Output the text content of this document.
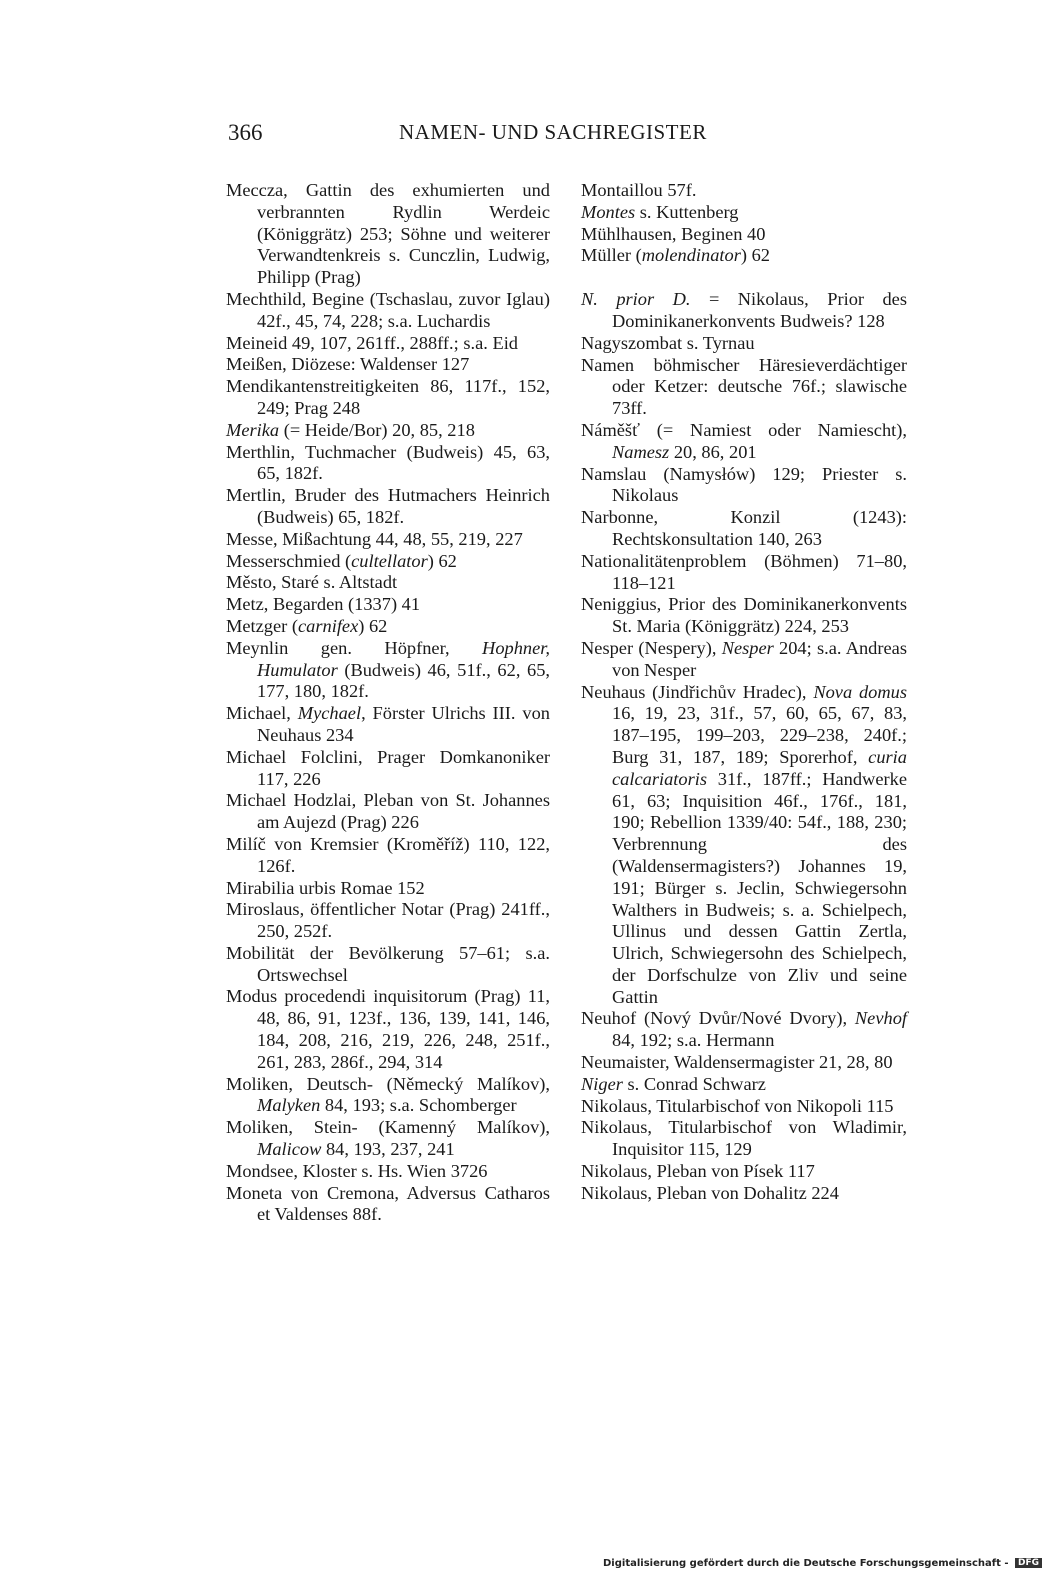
366	NAMEN- UND SACHREGISTER
Meccza, Gattin des exhumierten und verbrannten Rydlin Werdeic (Königgrätz) 253; Söhne und weiterer Verwandtenkreis s. Cunczlin, Ludwig, Philipp (Prag)
Mechthild, Begine (Tschaslau, zuvor Iglau) 42f., 45, 74, 228; s.a. Luchardis
Meineid 49, 107, 261ff., 288ff.; s.a. Eid
Meißen, Diözese: Waldenser 127
Mendikantenstreitigkeiten 86, 117f., 152, 249; Prag 248
Merika (= Heide/Bor) 20, 85, 218
Merthlin, Tuchmacher (Budweis) 45, 63, 65, 182f.
Mertlin, Bruder des Hutmachers Heinrich (Budweis) 65, 182f.
Messe, Mißachtung 44, 48, 55, 219, 227
Messerschmied (cultellator) 62
Město, Staré s. Altstadt
Metz, Begarden (1337) 41
Metzger (carnifex) 62
Meynlin gen. Höpfner, Hophner, Humulator (Budweis) 46, 51f., 62, 65, 177, 180, 182f.
Michael, Mychael, Förster Ulrichs III. von Neuhaus 234
Michael Folclini, Prager Domkanoniker 117, 226
Michael Hodzlai, Pleban von St. Johannes am Aujezd (Prag) 226
Milíč von Kremsier (Kroměříž) 110, 122, 126f.
Mirabilia urbis Romae 152
Miroslaus, öffentlicher Notar (Prag) 241ff., 250, 252f.
Mobilität der Bevölkerung 57–61; s.a. Ortswechsel
Modus procedendi inquisitorum (Prag) 11, 48, 86, 91, 123f., 136, 139, 141, 146, 184, 208, 216, 219, 226, 248, 251f., 261, 283, 286f., 294, 314
Moliken, Deutsch- (Německý Malíkov), Malyken 84, 193; s.a. Schomberger
Moliken, Stein- (Kamenný Malíkov), Malicow 84, 193, 237, 241
Mondsee, Kloster s. Hs. Wien 3726
Moneta von Cremona, Adversus Catharos et Valdenses 88f.
Montaillou 57f.
Montes s. Kuttenberg
Mühlhausen, Beginen 40
Müller (molendinator) 62
N. prior D. = Nikolaus, Prior des Dominikanerkonvents Budweis? 128
Nagyszombat s. Tyrnau
Namen böhmischer Häresieverdächtiger oder Ketzer: deutsche 76f.; slawische 73ff.
Náměšť (= Namiest oder Namiescht), Namesz 20, 86, 201
Namslau (Namysłów) 129; Priester s. Nikolaus
Narbonne, Konzil (1243): Rechtskonsultation 140, 263
Nationalitätenproblem (Böhmen) 71–80, 118–121
Neniggius, Prior des Dominikanerkonvents St. Maria (Königgrätz) 224, 253
Nesper (Nespery), Nesper 204; s.a. Andreas von Nesper
Neuhaus (Jindřichův Hradec), Nova domus 16, 19, 23, 31f., 57, 60, 65, 67, 83, 187–195, 199–203, 229–238, 240f.; Burg 31, 187, 189; Sporerhof, curia calcariatoris 31f., 187ff.; Handwerke 61, 63; Inquisition 46f., 176f., 181, 190; Rebellion 1339/40: 54f., 188, 230; Verbrennung des (Waldensermagisters?) Johannes 19, 191; Bürger s. Jeclin, Schwiegersohn Walthers in Budweis; s. a. Schielpech, Ullinus und dessen Gattin Zertla, Ulrich, Schwiegersohn des Schielpech, der Dorfschulze von Zliv und seine Gattin
Neuhof (Nový Dvůr/Nové Dvory), Nevhof 84, 192; s.a. Hermann
Neumaister, Waldensermagister 21, 28, 80
Niger s. Conrad Schwarz
Nikolaus, Titularbischof von Nikopoli 115
Nikolaus, Titularbischof von Wladimir, Inquisitor 115, 129
Nikolaus, Pleban von Písek 117
Nikolaus, Pleban von Dohalitz 224
Digitalisierung gefördert durch die Deutsche Forschungsgemeinschaft - DFG
